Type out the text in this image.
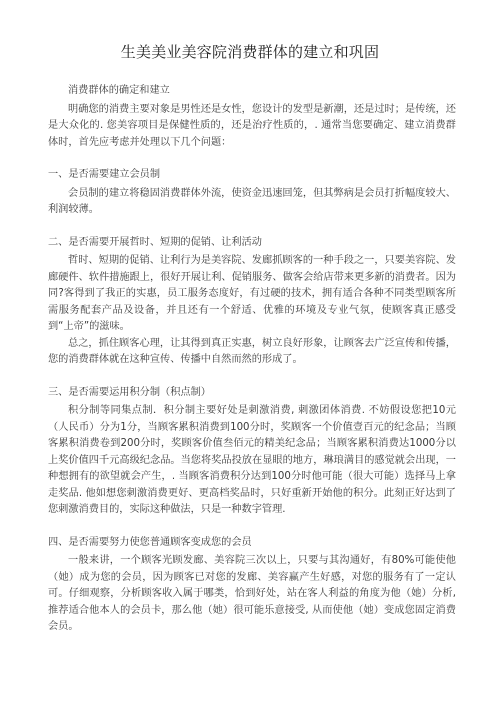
生美美业美容院消费群体的建立和巩固

消费群体的确定和建立

明确您的消费主要对象是男性还是女性，您设计的发型是新潮，还是过时；是传统，还是大众化的. 您美容项目是保健性质的，还是治疗性质的，. 通常当您要确定、建立消费群体时，首先应考虑并处理以下几个问题：

一、是否需要建立会员制

会员制的建立将稳固消费群体外流，使资金迅速回笼，但其弊病是会员打折幅度较大、利润较薄。

二、是否需要开展哲时、短期的促销、让利活动

哲时、短期的促销、让利行为是美容院、发廊抓顾客的一种手段之一，只要美容院、发廊硬件、软件措施跟上，很好开展让利、促销服务、做客会给店带来更多新的消费者。因为同?客得到了我正的实惠，员工服务态度好，有过硬的技术，拥有适合各种不同类型顾客所需服务配套产品及设备，并且还有一个舒适、优雅的环境及专业气氛，使顾客真正感受到“上帝”的滋味。

总之，抓住顾客心理，让其得到真正实惠，树立良好形象，让顾客去广泛宣传和传播，您的消费群体就在这种宣传、传播中自然而然的形成了。

三、是否需要运用积分制（积点制）

积分制等同集点制．积分制主要好处是刺激消费, 刺激团体消费. 不妨假设您把10元（人民币）分为1分，当顾客累积消费到100分时，奖顾客一个价值壹百元的纪念品；当顾客累积消费卷到200分时，奖顾客价值叁佰元的精美纪念品；当顾客累积消费达1000分以上奖价值四千元高级纪念品。当您将奖品投放在显眼的地方，琳琅满目的感觉就会出现，一种想拥有的欲望就会产生，. 当顾客消费积分达到100分时他可能（很大可能）选择马上拿走奖品. 他如想您刺激消费更好、更高档奖品时，只好重新开始他的积分。此刻正好达到了您刺激消费目的，实际这种做法，只是一种数字管理.

四、是否需要努力使您普通顾客变成您的会员

一般来讲，一个顾客光顾发廊、美容院三次以上，只要与其沟通好，有80%可能使他（她）成为您的会员，因为顾客已对您的发廊、美容赢产生好感，对您的服务有了一定认可。仔细观察，分析顾客收入属于哪类，恰到好处，站在客人利益的角度为他（她）分析, 推荐适合他本人的会员卡，那么他（她）很可能乐意接受, 从而使他（她）变成您固定消费会员。
